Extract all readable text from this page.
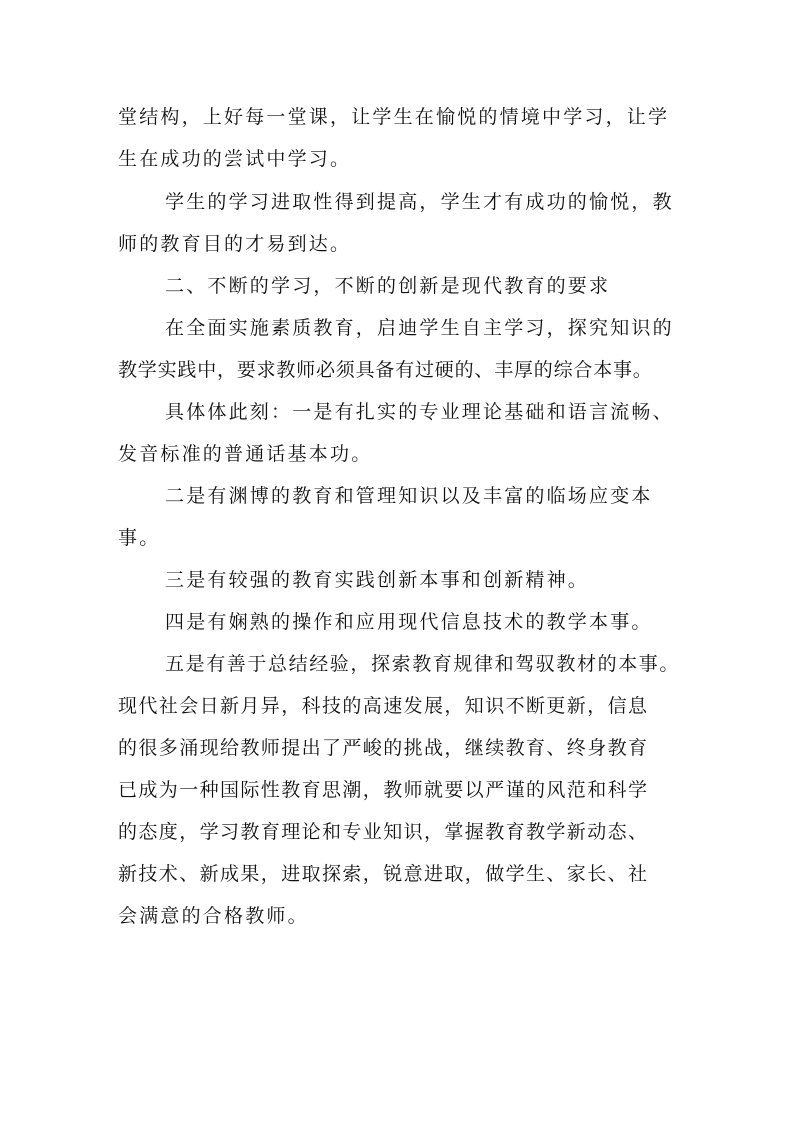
堂结构，上好每一堂课，让学生在愉悦的情境中学习，让学
生在成功的尝试中学习。
学生的学习进取性得到提高，学生才有成功的愉悦，教
师的教育目的才易到达。
二、不断的学习，不断的创新是现代教育的要求
在全面实施素质教育，启迪学生自主学习，探究知识的
教学实践中，要求教师必须具备有过硬的、丰厚的综合本事。
具体体此刻：一是有扎实的专业理论基础和语言流畅、
发音标准的普通话基本功。
二是有渊博的教育和管理知识以及丰富的临场应变本
事。
三是有较强的教育实践创新本事和创新精神。
四是有娴熟的操作和应用现代信息技术的教学本事。
五是有善于总结经验，探索教育规律和驾驭教材的本事。
现代社会日新月异，科技的高速发展，知识不断更新，信息
的很多涌现给教师提出了严峻的挑战，继续教育、终身教育
已成为一种国际性教育思潮，教师就要以严谨的风范和科学
的态度，学习教育理论和专业知识，掌握教育教学新动态、
新技术、新成果，进取探索，锐意进取，做学生、家长、社
会满意的合格教师。
